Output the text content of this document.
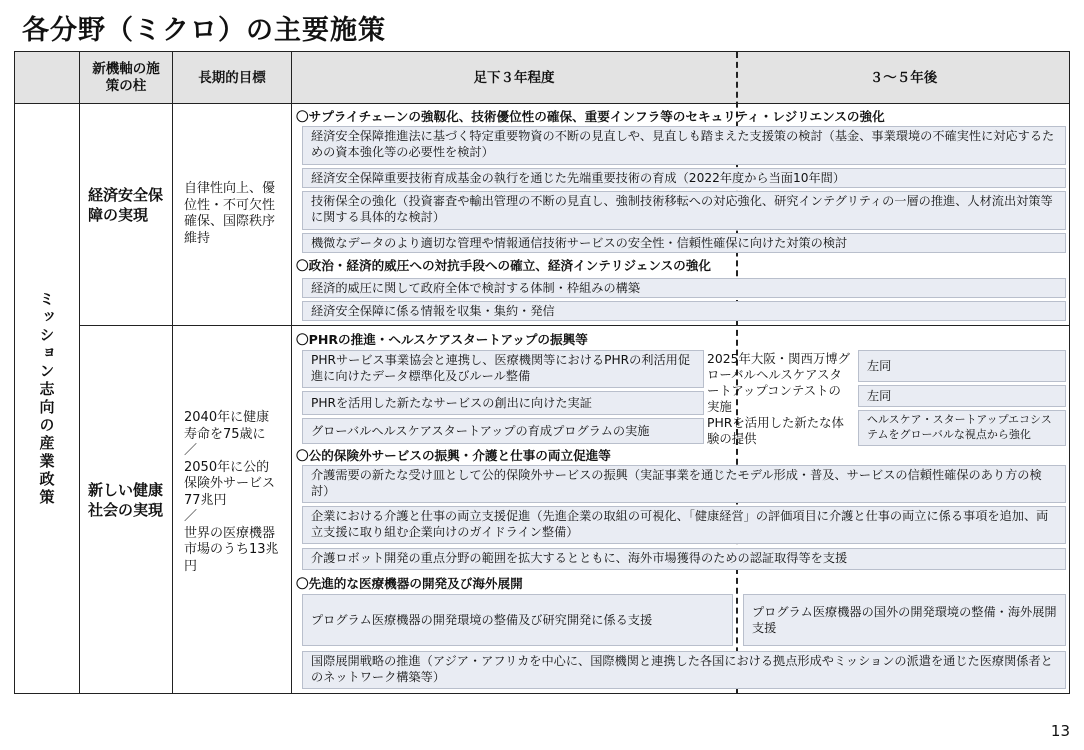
各分野（ミクロ）の主要施策
新機軸の施策の柱
長期的目標	足下３年程度	３～５年後
ミッション志向の産業政策
経済安全保障の実現
自律性向上、優位性・不可欠性確保、国際秩序維持
〇サプライチェーンの強靱化、技術優位性の確保、重要インフラ等のセキュリティ・レジリエンスの強化
経済安全保障推進法に基づく特定重要物資の不断の見直しや、見直しも踏まえた支援策の検討（基金、事業環境の不確実性に対応するための資本強化等の必要性を検討）
経済安全保障重要技術育成基金の執行を通じた先端重要技術の育成（2022年度から当面10年間）
技術保全の強化（投資審査や輸出管理の不断の見直し、強制技術移転への対応強化、研究インテグリティの一層の推進、人材流出対策等に関する具体的な検討）
機微なデータのより適切な管理や情報通信技術サービスの安全性・信頼性確保に向けた対策の検討
〇政治・経済的威圧への対抗手段への確立、経済インテリジェンスの強化
経済的威圧に関して政府全体で検討する体制・枠組みの構築
経済安全保障に係る情報を収集・集約・発信
新しい健康社会の実現
2040年に健康寿命を75歳に
／
2050年に公的保険外サービス77兆円
／
世界の医療機器市場のうち13兆円
〇PHRの推進・ヘルスケアスタートアップの振興等
PHRサービス事業協会と連携し、医療機関等におけるPHRの利活用促進に向けたデータ標準化及びルール整備
PHRを活用した新たなサービスの創出に向けた実証
グローバルヘルスケアスタートアップの育成プログラムの実施
2025年大阪・関西万博グローバルヘルスケアスタートアップコンテストの実施
PHRを活用した新たな体験の提供
左同
左同
ヘルスケア・スタートアップエコシステムをグローバルな視点から強化
〇公的保険外サービスの振興・介護と仕事の両立促進等
介護需要の新たな受け皿として公的保険外サービスの振興（実証事業を通じたモデル形成・普及、サービスの信頼性確保のあり方の検討）
企業における介護と仕事の両立支援促進（先進企業の取組の可視化、「健康経営」の評価項目に介護と仕事の両立に係る事項を追加、両立支援に取り組む企業向けのガイドライン整備）
介護ロボット開発の重点分野の範囲を拡大するとともに、海外市場獲得のための認証取得等を支援
〇先進的な医療機器の開発及び海外展開
プログラム医療機器の開発環境の整備及び研究開発に係る支援
プログラム医療機器の国外の開発環境の整備・海外展開支援
国際展開戦略の推進（アジア・アフリカを中心に、国際機関と連携した各国における拠点形成やミッションの派遣を通じた医療関係者とのネットワーク構築等）
13
